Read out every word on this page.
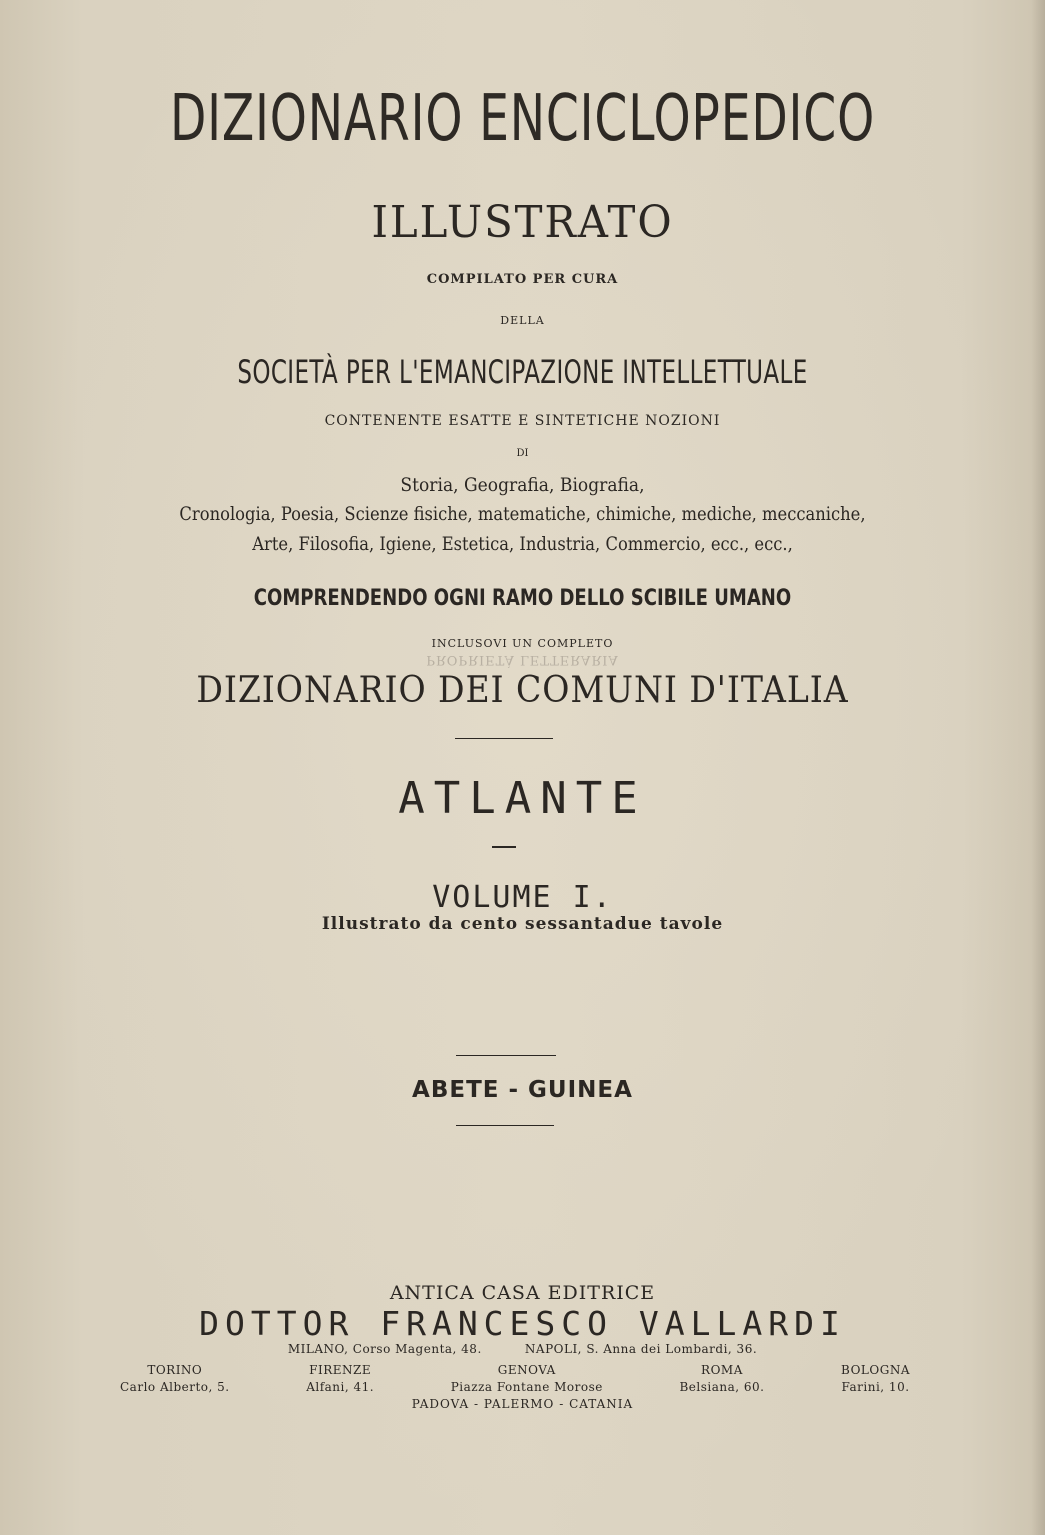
DIZIONARIO ENCICLOPEDICO
ILLUSTRATO

COMPILATO PER CURA

DELLA

SOCIETÀ PER L'EMANCIPAZIONE INTELLETTUALE

CONTENENTE ESATTE E SINTETICHE NOZIONI

DI

Storia, Geografia, Biografia,

Cronologia, Poesia, Scienze fisiche, matematiche, chimiche, mediche, meccaniche,

Arte, Filosofia, Igiene, Estetica, Industria, Commercio, ecc., ecc.,

COMPRENDENDO OGNI RAMO DELLO SCIBILE UMANO

INCLUSOVI UN COMPLETO

PROPRIETÀ LETTERARIA

DIZIONARIO DEI COMUNI D'ITALIA

ATLANTE

VOLUME I.

Illustrato da cento sessantadue tavole

ABETE - GUINEA

ANTICA CASA EDITRICE

DOTTOR FRANCESCO VALLARDI

MILANO, Corso Magenta, 48.          NAPOLI, S. Anna dei Lombardi, 36.

TORINO
Carlo Alberto, 5.
FIRENZE
Alfani, 41.
GENOVA
Piazza Fontane Morose
ROMA
Belsiana, 60.
BOLOGNA
Farini, 10.

PADOVA - PALERMO - CATANIA
